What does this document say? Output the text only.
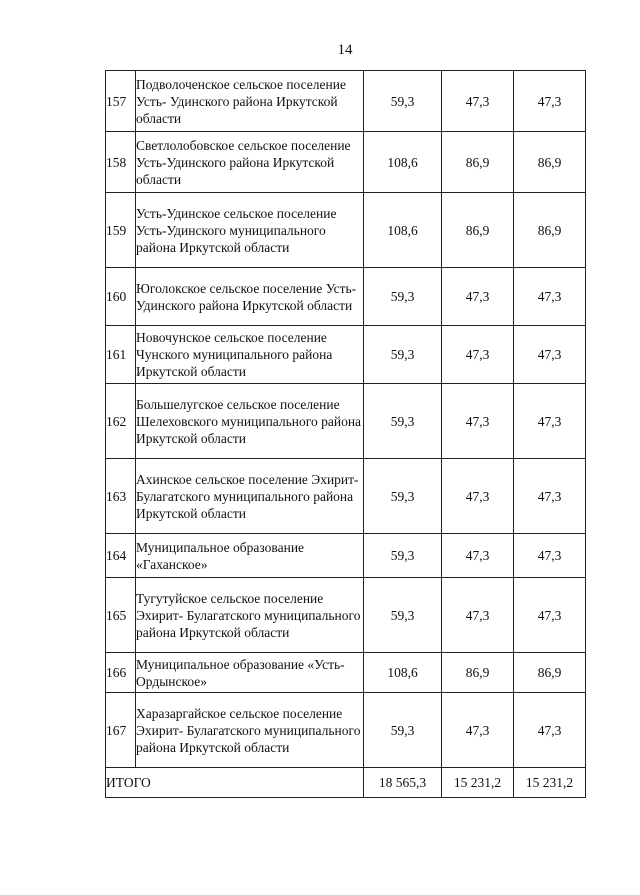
14
157	Подволоченское сельское поселение Усть- Удинского района Иркутской области	59,3	47,3	47,3
158	Светлолобовское сельское поселение Усть-Удинского района Иркутской области	108,6	86,9	86,9
159	Усть-Удинское сельское поселение Усть-Удинского муниципального района Иркутской области	108,6	86,9	86,9
160	Юголокское сельское поселение Усть-Удинского района Иркутской области	59,3	47,3	47,3
161	Новочунское сельское поселение Чунского муниципального района Иркутской области	59,3	47,3	47,3
162	Большелугское сельское поселение Шелеховского муниципального района Иркутской области	59,3	47,3	47,3
163	Ахинское сельское поселение Эхирит-Булагатского муниципального района Иркутской области	59,3	47,3	47,3
164	Муниципальное образование «Гаханское»	59,3	47,3	47,3
165	Тугутуйское сельское поселение Эхирит- Булагатского муниципального района Иркутской области	59,3	47,3	47,3
166	Муниципальное образование «Усть-Ордынское»	108,6	86,9	86,9
167	Харазаргайское сельское поселение Эхирит- Булагатского муниципального района Иркутской области	59,3	47,3	47,3
ИТОГО		18 565,3	15 231,2	15 231,2
